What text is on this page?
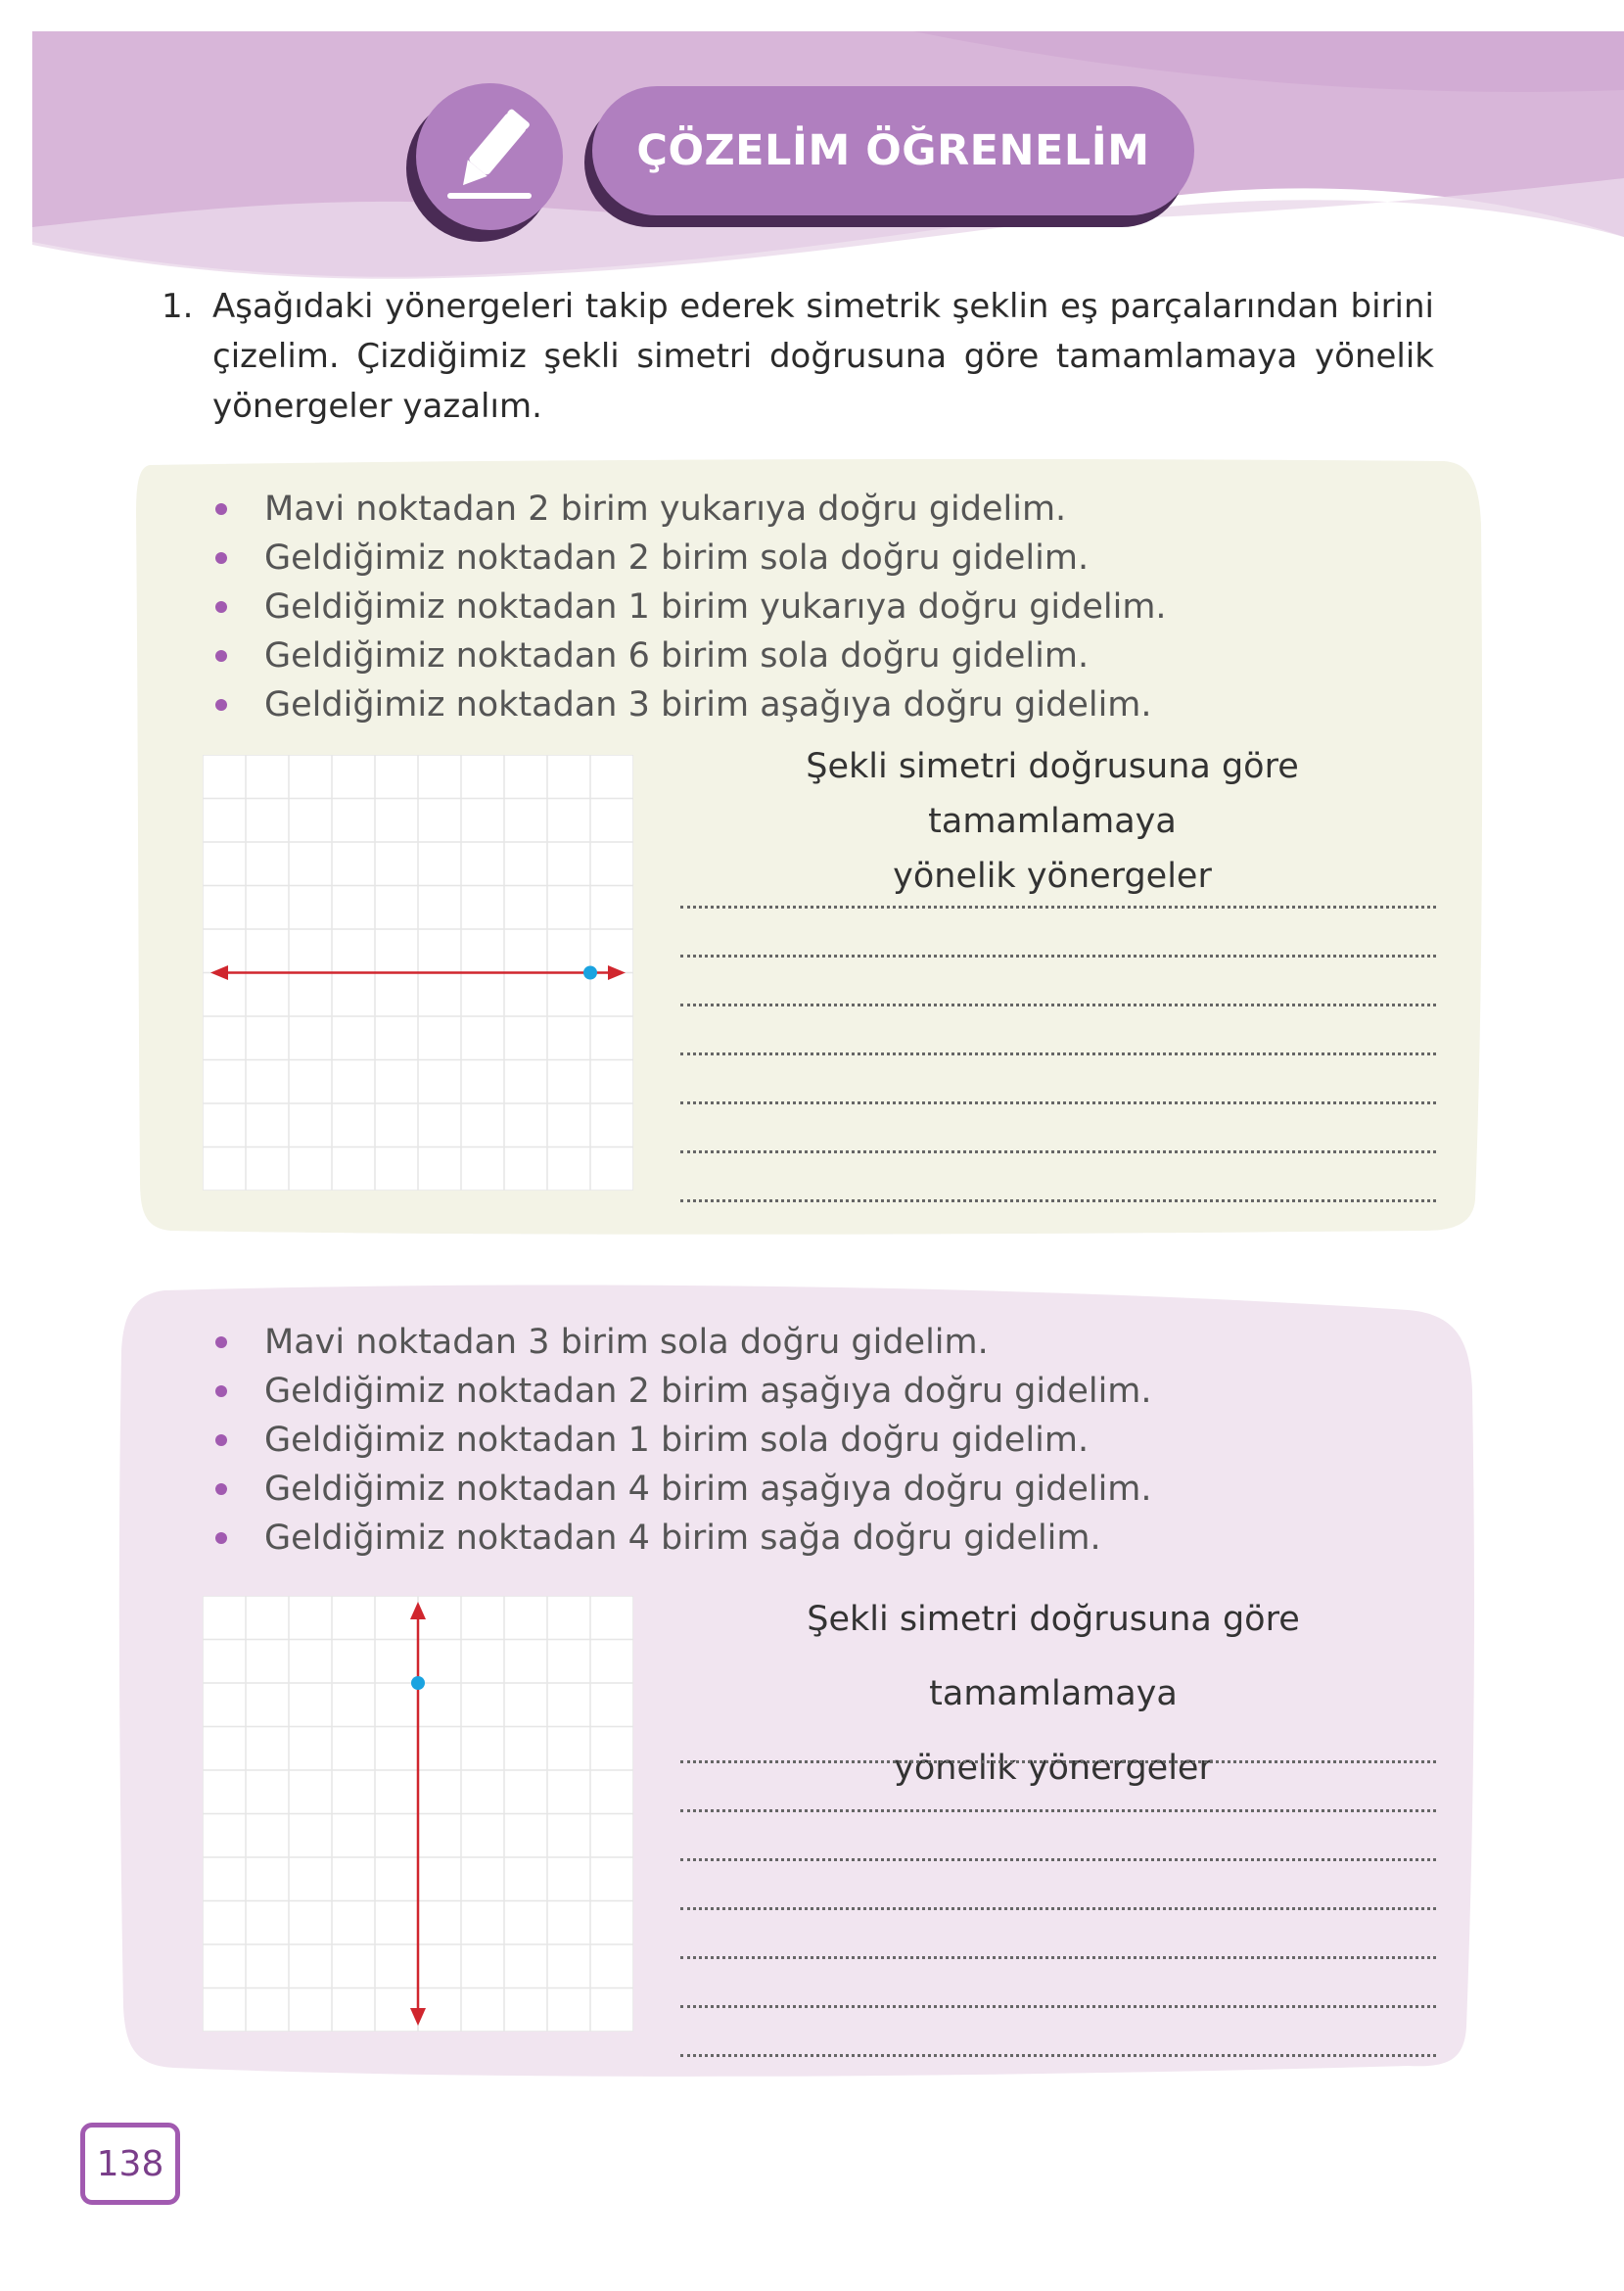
ÇÖZELİM ÖĞRENELİM
1. Aşağıdaki yönergeleri takip ederek simetrik şeklin eş parçalarından birini çizelim. Çizdiğimiz şekli simetri doğrusuna göre tamamlamaya yönelik yönergeler yazalım.
Mavi noktadan 2 birim yukarıya doğru gidelim.
Geldiğimiz noktadan 2 birim sola doğru gidelim.
Geldiğimiz noktadan 1 birim yukarıya doğru gidelim.
Geldiğimiz noktadan 6 birim sola doğru gidelim.
Geldiğimiz noktadan 3 birim aşağıya doğru gidelim.
Şekli simetri doğrusuna göre tamamlamaya
yönelik yönergeler
Mavi noktadan 3 birim sola doğru gidelim.
Geldiğimiz noktadan 2 birim aşağıya doğru gidelim.
Geldiğimiz noktadan 1 birim sola doğru gidelim.
Geldiğimiz noktadan 4 birim aşağıya doğru gidelim.
Geldiğimiz noktadan 4 birim sağa doğru gidelim.
Şekli simetri doğrusuna göre tamamlamaya
yönelik yönergeler
138
